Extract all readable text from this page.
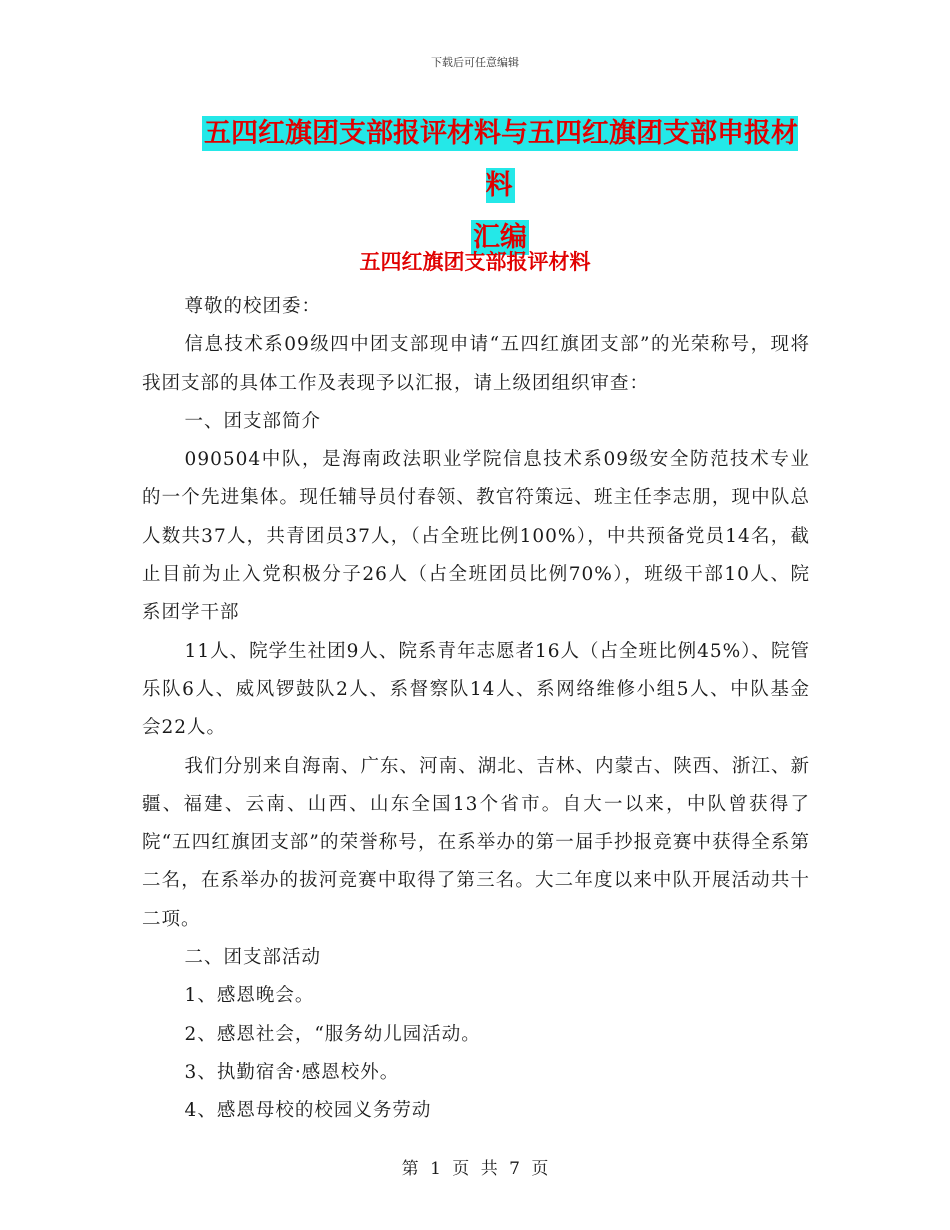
下载后可任意编辑
五四红旗团支部报评材料与五四红旗团支部申报材料
汇编
五四红旗团支部报评材料

尊敬的校团委：

信息技术系09级四中团支部现申请“五四红旗团支部”的光荣称号，现将我团支部的具体工作及表现予以汇报，请上级团组织审查：

一、团支部简介

090504中队，是海南政法职业学院信息技术系09级安全防范技术专业的一个先进集体。现任辅导员付春领、教官符策远、班主任李志朋，现中队总人数共37人，共青团员37人，（占全班比例100%），中共预备党员14名，截止目前为止入党积极分子26人（占全班团员比例70%），班级干部10人、院系团学干部

11人、院学生社团9人、院系青年志愿者16人（占全班比例45%）、院管乐队6人、威风锣鼓队2人、系督察队14人、系网络维修小组5人、中队基金会22人。

我们分别来自海南、广东、河南、湖北、吉林、内蒙古、陕西、浙江、新疆、福建、云南、山西、山东全国13个省市。自大一以来，中队曾获得了院“五四红旗团支部”的荣誉称号，在系举办的第一届手抄报竞赛中获得全系第二名，在系举办的拔河竞赛中取得了第三名。大二年度以来中队开展活动共十二项。

二、团支部活动

1、感恩晚会。

2、感恩社会，“服务幼儿园活动。

3、执勤宿舍·感恩校外。

4、感恩母校的校园义务劳动

第 1 页 共 7 页
